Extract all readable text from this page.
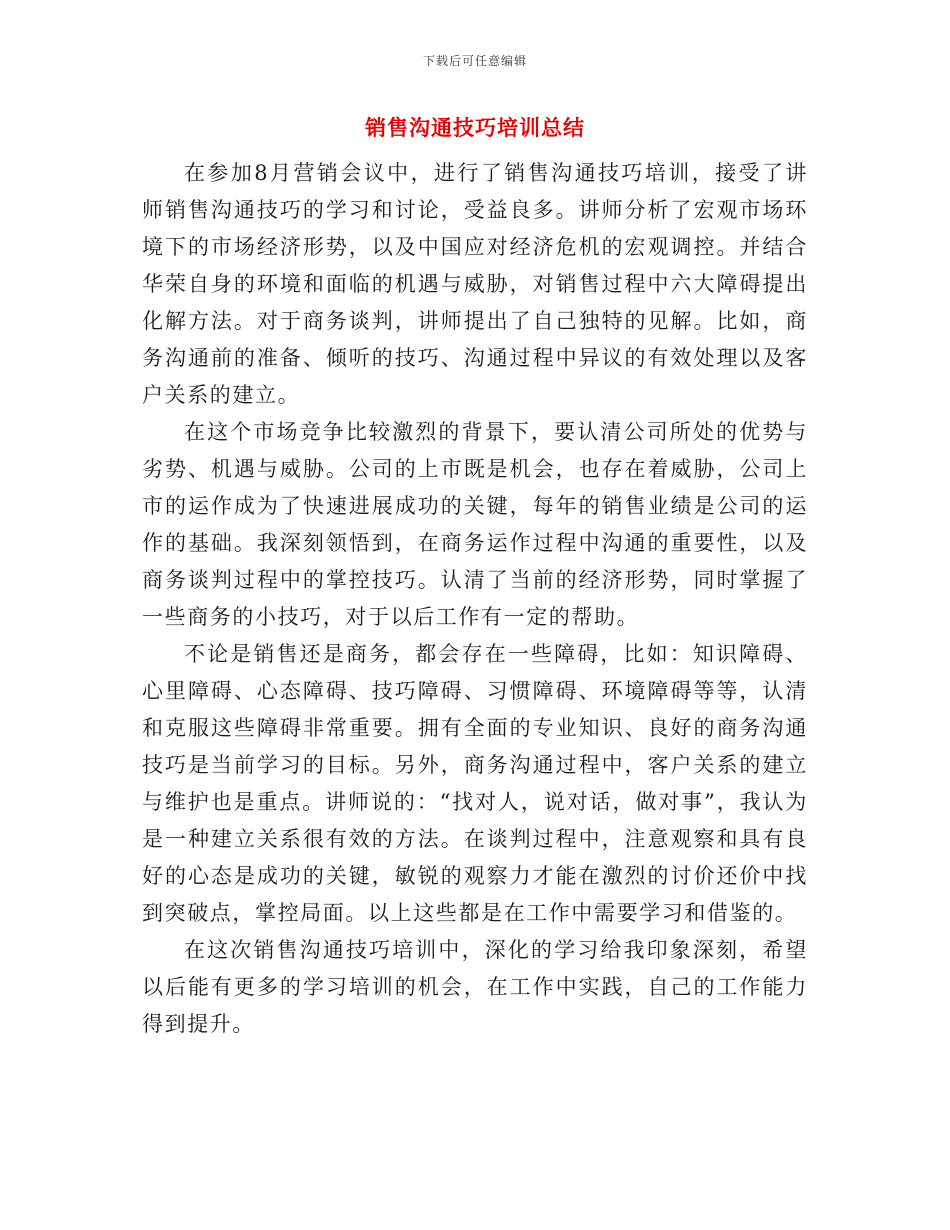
下载后可任意编辑
销售沟通技巧培训总结

在参加8月营销会议中，进行了销售沟通技巧培训，接受了讲师销售沟通技巧的学习和讨论，受益良多。讲师分析了宏观市场环境下的市场经济形势，以及中国应对经济危机的宏观调控。并结合华荣自身的环境和面临的机遇与威胁，对销售过程中六大障碍提出化解方法。对于商务谈判，讲师提出了自己独特的见解。比如，商务沟通前的准备、倾听的技巧、沟通过程中异议的有效处理以及客户关系的建立。

在这个市场竞争比较激烈的背景下，要认清公司所处的优势与劣势、机遇与威胁。公司的上市既是机会，也存在着威胁，公司上市的运作成为了快速进展成功的关键，每年的销售业绩是公司的运作的基础。我深刻领悟到，在商务运作过程中沟通的重要性，以及商务谈判过程中的掌控技巧。认清了当前的经济形势，同时掌握了一些商务的小技巧，对于以后工作有一定的帮助。

不论是销售还是商务，都会存在一些障碍，比如：知识障碍、心里障碍、心态障碍、技巧障碍、习惯障碍、环境障碍等等，认清和克服这些障碍非常重要。拥有全面的专业知识、良好的商务沟通技巧是当前学习的目标。另外，商务沟通过程中，客户关系的建立与维护也是重点。讲师说的：“找对人，说对话，做对事”，我认为是一种建立关系很有效的方法。在谈判过程中，注意观察和具有良好的心态是成功的关键，敏锐的观察力才能在激烈的讨价还价中找到突破点，掌控局面。以上这些都是在工作中需要学习和借鉴的。

在这次销售沟通技巧培训中，深化的学习给我印象深刻，希望以后能有更多的学习培训的机会，在工作中实践，自己的工作能力得到提升。
